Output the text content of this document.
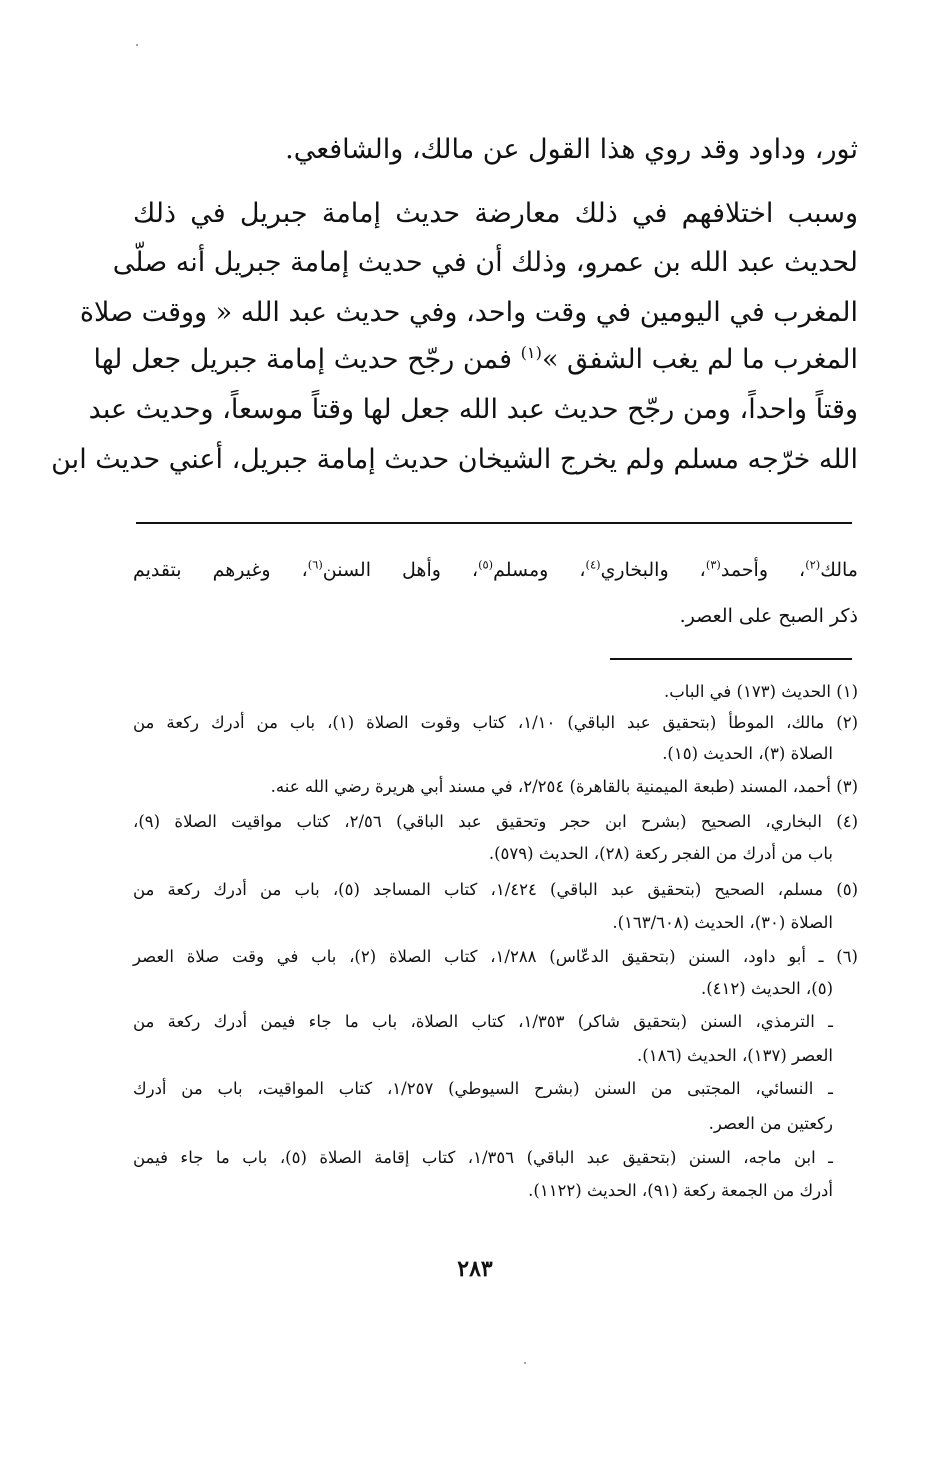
ثور، وداود وقد روي هذا القول عن مالك، والشافعي.
وسبب اختلافهم في ذلك معارضة حديث إمامة جبريل في ذلك
لحديث عبد الله بن عمرو، وذلك أن في حديث إمامة جبريل أنه صلّى
المغرب في اليومين في وقت واحد، وفي حديث عبد الله « ووقت صلاة
المغرب ما لم يغب الشفق »$^{(١)}$ فمن رجّح حديث إمامة جبريل جعل لها
وقتاً واحداً، ومن رجّح حديث عبد الله جعل لها وقتاً موسعاً، وحديث عبد
الله خرّجه مسلم ولم يخرج الشيخان حديث إمامة جبريل، أعني حديث ابن
مالك$^{(٢)}$، وأحمد$^{(٣)}$، والبخاري$^{(٤)}$، ومسلم$^{(٥)}$، وأهل السنن$^{(٦)}$، وغيرهم بتقديم
ذكر الصبح على العصر.
(١) الحديث (١٧٣) في الباب.
(٢) مالك، الموطأ (بتحقيق عبد الباقي) ١/١٠، كتاب وقوت الصلاة (١)، باب من أدرك ركعة من
الصلاة (٣)، الحديث (١٥).
(٣) أحمد، المسند (طبعة الميمنية بالقاهرة) ٢/٢٥٤، في مسند أبي هريرة رضي الله عنه.
(٤) البخاري، الصحيح (بشرح ابن حجر وتحقيق عبد الباقي) ٢/٥٦، كتاب مواقيت الصلاة (٩)،
باب من أدرك من الفجر ركعة (٢٨)، الحديث (٥٧٩).
(٥) مسلم، الصحيح (بتحقيق عبد الباقي) ١/٤٢٤، كتاب المساجد (٥)، باب من أدرك ركعة من
الصلاة (٣٠)، الحديث (١٦٣/٦٠٨).
(٦) ـ أبو داود، السنن (بتحقيق الدعّاس) ١/٢٨٨، كتاب الصلاة (٢)، باب في وقت صلاة العصر
(٥)، الحديث (٤١٢).
ـ الترمذي، السنن (بتحقيق شاكر) ١/٣٥٣، كتاب الصلاة، باب ما جاء فيمن أدرك ركعة من
العصر (١٣٧)، الحديث (١٨٦).
ـ النسائي، المجتبى من السنن (بشرح السيوطي) ١/٢٥٧، كتاب المواقيت، باب من أدرك
ركعتين من العصر.
ـ ابن ماجه، السنن (بتحقيق عبد الباقي) ١/٣٥٦، كتاب إقامة الصلاة (٥)، باب ما جاء فيمن
أدرك من الجمعة ركعة (٩١)، الحديث (١١٢٢).
٢٨٣
